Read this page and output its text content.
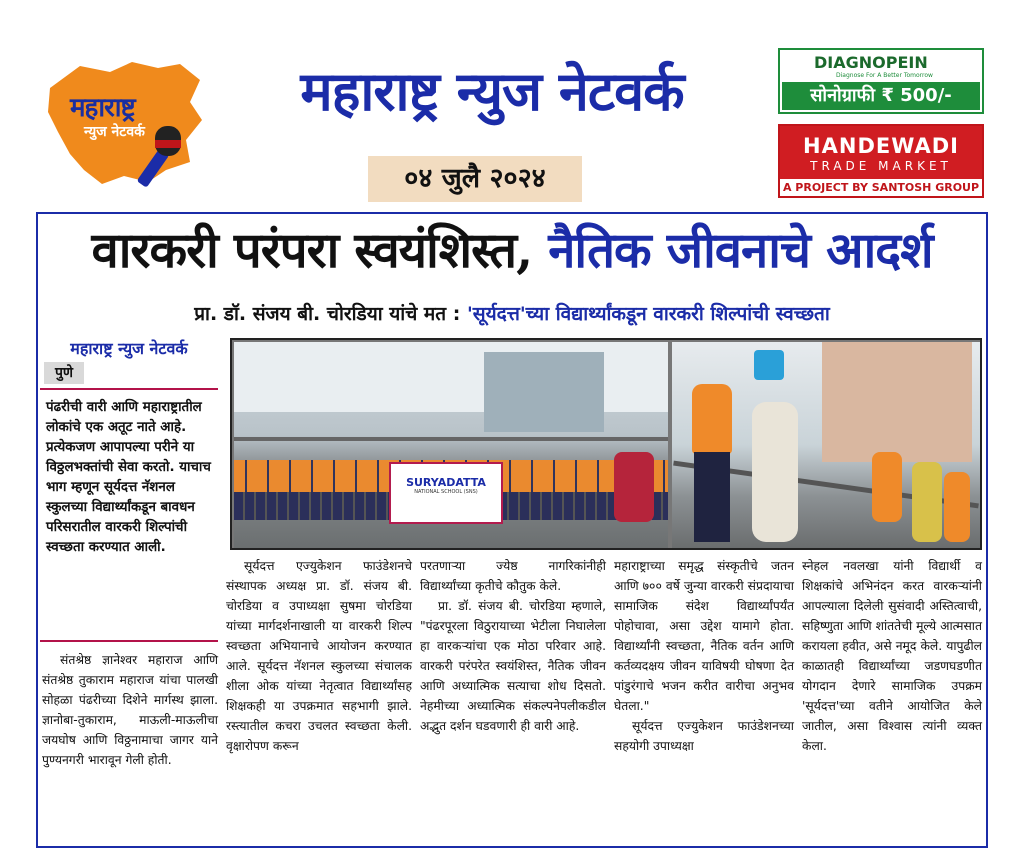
महाराष्ट्र
न्युज नेटवर्क
महाराष्ट्र न्युज नेटवर्क
०४ जुलै २०२४
DIAGNOPEIN
Diagnose For A Better Tomorrow
सोनोग्राफी ₹ 500/-
HANDEWADI
TRADE MARKET
A PROJECT BY SANTOSH GROUP
वारकरी परंपरा स्वयंशिस्त, नैतिक जीवनाचे आदर्श
प्रा. डॉ. संजय बी. चोरडिया यांचे मत : 'सूर्यदत्त'च्या विद्यार्थ्यांकडून वारकरी शिल्पांची स्वच्छता
महाराष्ट्र न्युज नेटवर्क
पुणे
पंढरीची वारी आणि महाराष्ट्रातील लोकांचे एक अतूट नाते आहे. प्रत्येकजण आपापल्या परीने या विठ्ठलभक्तांची सेवा करतो. याचाच भाग म्हणून सूर्यदत्त नॅशनल स्कुलच्या विद्यार्थ्यांकडून बावधन परिसरातील वारकरी शिल्पांची स्वच्छता करण्यात आली.
SURYADATTA
NATIONAL SCHOOL (SNS)

संतश्रेष्ठ ज्ञानेश्वर महाराज आणि संतश्रेष्ठ तुकाराम महाराज यांचा पालखी सोहळा पंढरीच्या दिशेने मार्गस्थ झाला. ज्ञानोबा-तुकाराम, माऊली-माऊलीचा जयघोष आणि विठ्ठनामाचा जागर याने पुण्यनगरी भारावून गेली होती.

सूर्यदत्त एज्युकेशन फाउंडेशनचे संस्थापक अध्यक्ष प्रा. डॉ. संजय बी. चोरडिया व उपाध्यक्षा सुषमा चोरडिया यांच्या मार्गदर्शनाखाली या वारकरी शिल्प स्वच्छता अभियानाचे आयोजन करण्यात आले. सूर्यदत्त नॅशनल स्कुलच्या संचालक शीला ओक यांच्या नेतृत्वात विद्यार्थ्यांसह शिक्षकही या उपक्रमात सहभागी झाले. रस्त्यातील कचरा उचलत स्वच्छता केली. वृक्षारोपण करून

परतणाऱ्या ज्येष्ठ नागरिकांनीही विद्यार्थ्यांच्या कृतीचे कौतुक केले.

प्रा. डॉ. संजय बी. चोरडिया म्हणाले, "पंढरपूरला विठुरायाच्या भेटीला निघालेला हा वारकऱ्यांचा एक मोठा परिवार आहे. वारकरी परंपरेत स्वयंशिस्त, नैतिक जीवन आणि अध्यात्मिक सत्याचा शोध दिसतो. नेहमीच्या अध्यात्मिक संकल्पनेपलीकडील अद्भुत दर्शन घडवणारी ही वारी आहे.

महाराष्ट्राच्या समृद्ध संस्कृतीचे जतन आणि ७०० वर्षे जुन्या वारकरी संप्रदायाचा सामाजिक संदेश विद्यार्थ्यांपर्यंत पोहोचावा, असा उद्देश यामागे होता. विद्यार्थ्यांनी स्वच्छता, नैतिक वर्तन आणि कर्तव्यदक्षय जीवन याविषयी घोषणा देत पांडुरंगाचे भजन करीत वारीचा अनुभव घेतला."

सूर्यदत्त एज्युकेशन फाउंडेशनच्या सहयोगी उपाध्यक्षा

स्नेहल नवलखा यांनी विद्यार्थी व शिक्षकांचे अभिनंदन करत वारकऱ्यांनी आपल्याला दिलेली सुसंवादी अस्तित्वाची, सहिष्णुता आणि शांततेची मूल्ये आत्मसात करायला हवीत, असे नमूद केले. यापुढील काळातही विद्यार्थ्यांच्या जडणघडणीत योगदान देणारे सामाजिक उपक्रम 'सूर्यदत्त'च्या वतीने आयोजित केले जातील, असा विश्वास त्यांनी व्यक्त केला.
